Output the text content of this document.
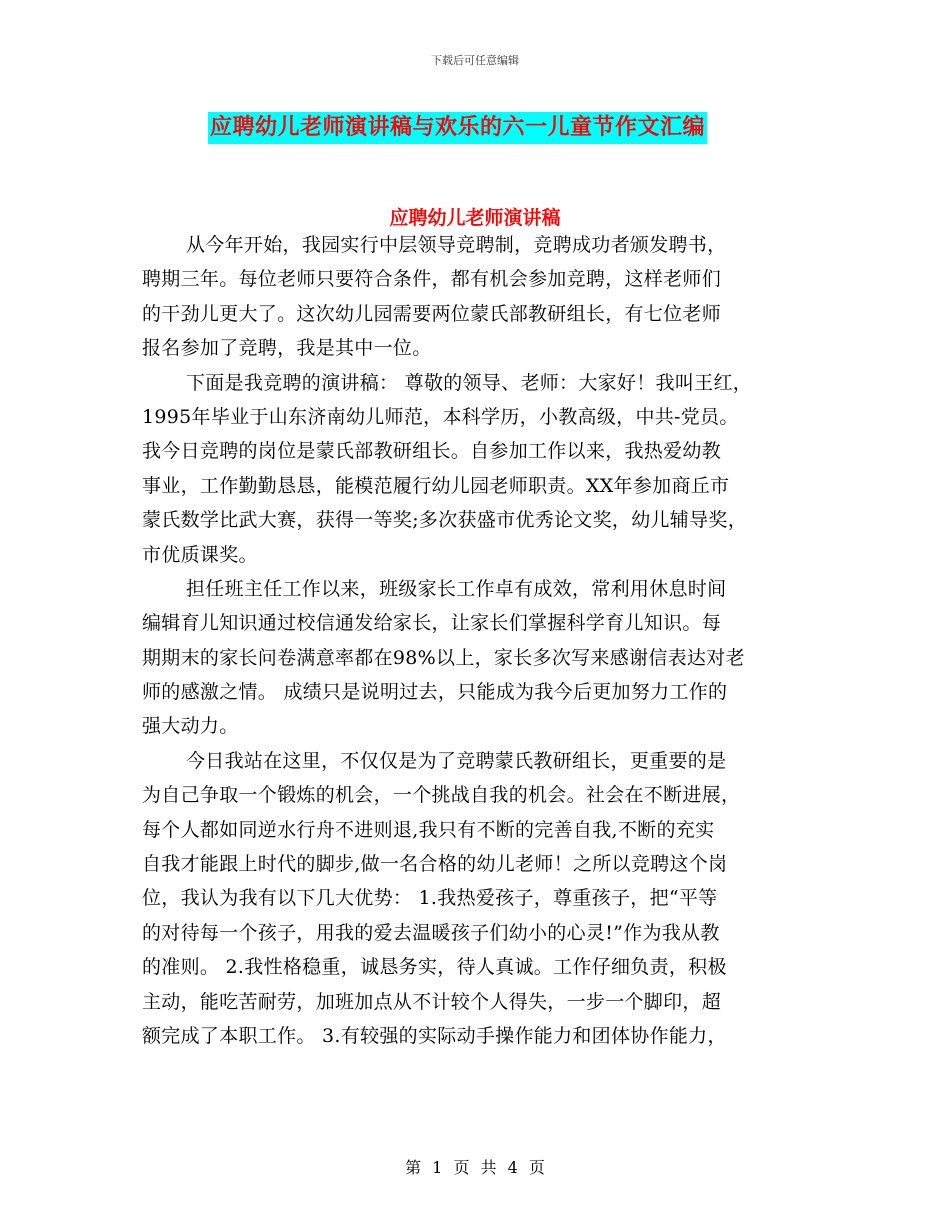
下载后可任意编辑
应聘幼儿老师演讲稿与欢乐的六一儿童节作文汇编
应聘幼儿老师演讲稿
从今年开始，我园实行中层领导竞聘制，竞聘成功者颁发聘书，
聘期三年。每位老师只要符合条件，都有机会参加竞聘，这样老师们
的干劲儿更大了。这次幼儿园需要两位蒙氏部教研组长，有七位老师
报名参加了竞聘，我是其中一位。
下面是我竞聘的演讲稿： 尊敬的领导、老师：大家好！我叫王红，
1995年毕业于山东济南幼儿师范，本科学历，小教高级，中共-党员。
我今日竞聘的岗位是蒙氏部教研组长。自参加工作以来，我热爱幼教
事业，工作勤勤恳恳，能模范履行幼儿园老师职责。XX年参加商丘市
蒙氏数学比武大赛，获得一等奖;多次获盛市优秀论文奖，幼儿辅导奖，
市优质课奖。
担任班主任工作以来，班级家长工作卓有成效，常利用休息时间
编辑育儿知识通过校信通发给家长，让家长们掌握科学育儿知识。每
期期末的家长问卷满意率都在98%以上，家长多次写来感谢信表达对老
师的感激之情。 成绩只是说明过去，只能成为我今后更加努力工作的
强大动力。
今日我站在这里，不仅仅是为了竞聘蒙氏教研组长，更重要的是
为自己争取一个锻炼的机会，一个挑战自我的机会。社会在不断进展，
每个人都如同逆水行舟不进则退,我只有不断的完善自我,不断的充实
自我才能跟上时代的脚步,做一名合格的幼儿老师！之所以竞聘这个岗
位，我认为我有以下几大优势： 1.我热爱孩子，尊重孩子，把“平等
的对待每一个孩子，用我的爱去温暖孩子们幼小的心灵!”作为我从教
的准则。 2.我性格稳重，诚恳务实，待人真诚。工作仔细负责，积极
主动，能吃苦耐劳，加班加点从不计较个人得失，一步一个脚印，超
额完成了本职工作。 3.有较强的实际动手操作能力和团体协作能力，
第 1 页 共 4 页
